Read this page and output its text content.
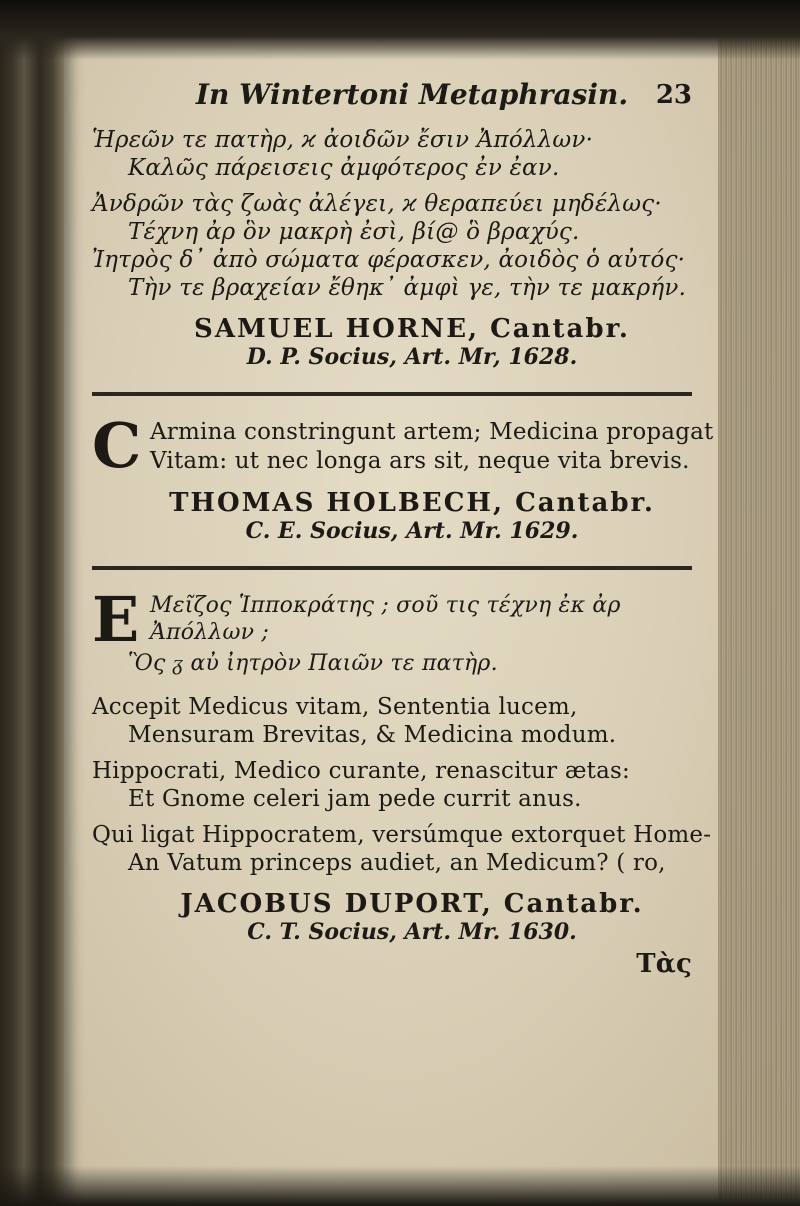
In Wintertoni Metaphrasin. 23
Ἡρεῶν τε πατὴρ, ϰ ἀοιδῶν ἔσιν Ἀπόλλων·
Καλῶς πάρεισεις ἀμφότερος ἐν ἐαν.
Ἀνδρῶν τὰς ζωὰς ἀλέγει, ϰ θεραπεύει μηδέλως·
Τέχνη ἀρ ὃν μακρὴ ἐσὶ, βί@ ὃ βραχύς.
Ἰητρὸς δ᾽ ἀπὸ σώματα φέρασκεν, ἀοιδὸς ὁ αὐτός·
Τὴν τε βραχείαν ἔθηκ᾽ ἀμφὶ γε, τὴν τε μακρήν.
SAMUEL HORNE, Cantabr.
D. P. Socius, Art. Mr, 1628.
C Armina constringunt artem; Medicina propagat
Vitam: ut nec longa ars sit, neque vita brevis.
THOMAS HOLBECH, Cantabr.
C. E. Socius, Art. Mr. 1629.
E Μεῖζος Ἱπποκράτης ; σοῦ τις τέχνη ἐκ ἀρ
Ἀπόλλων ;
Ὃς ᵹ αὐ ἰητρὸν Παιῶν τε πατὴρ.
Accepit Medicus vitam, Sententia lucem,
Mensuram Brevitas, & Medicina modum.
Hippocrati, Medico curante, renascitur ætas:
Et Gnome celeri jam pede currit anus.
Qui ligat Hippocratem, versúmque extorquet Home-
An Vatum princeps audiet, an Medicum? ( ro,
JACOBUS DUPORT, Cantabr.
C. T. Socius, Art. Mr. 1630.
Τὰς
